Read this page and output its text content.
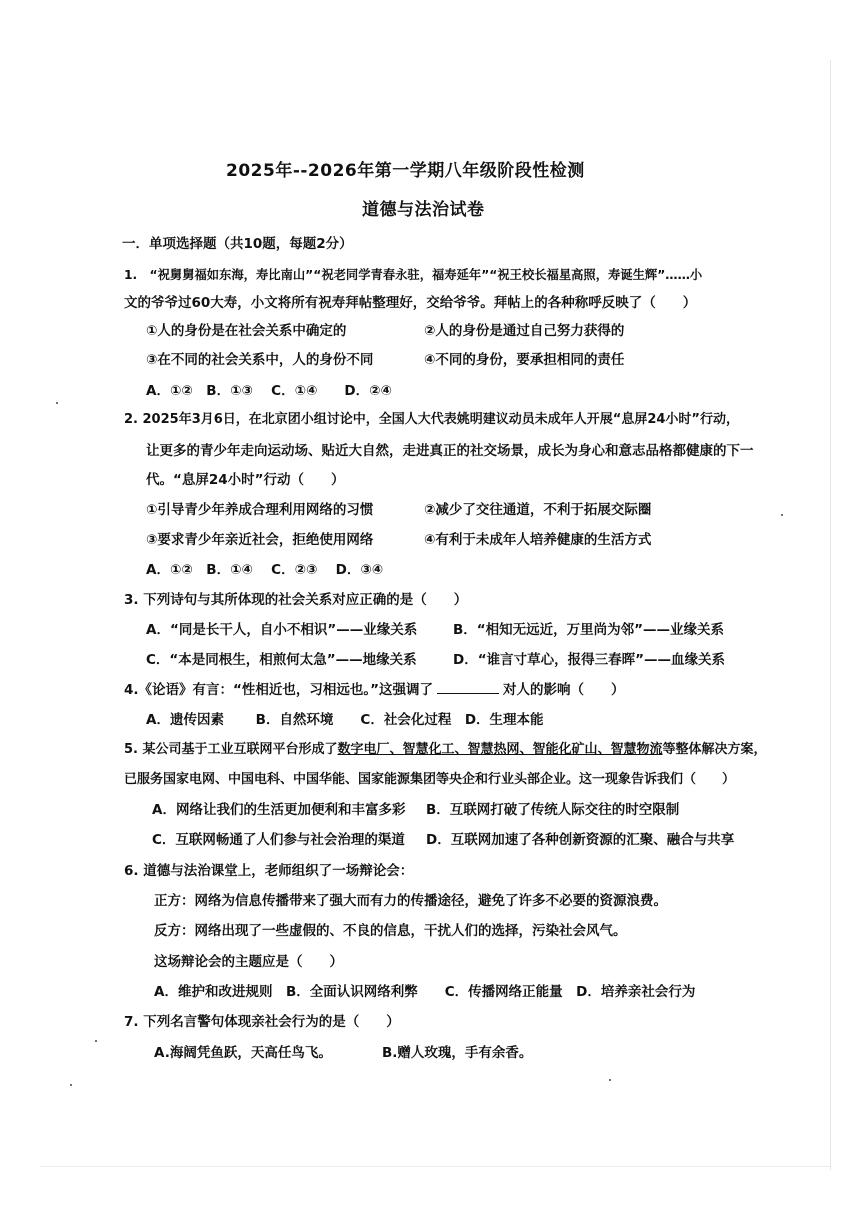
2025年--2026年第一学期八年级阶段性检测
道德与法治试卷
一．单项选择题（共10题，每题2分）
1.　“祝舅舅福如东海，寿比南山”“祝老同学青春永驻，福寿延年”“祝王校长福星高照，寿诞生辉”……小
文的爷爷过60大寿，小文将所有祝寿拜帖整理好，交给爷爷。拜帖上的各种称呼反映了（　　）
①人的身份是在社会关系中确定的	②人的身份是通过自己努力获得的
③在不同的社会关系中，人的身份不同	④不同的身份，要承担相同的责任
A．①②　B．①③　 C．①④　　D．②④
2. 2025年3月6日，在北京团小组讨论中，全国人大代表姚明建议动员未成年人开展“息屏24小时”行动，
让更多的青少年走向运动场、贴近大自然，走进真正的社交场景，成长为身心和意志品格都健康的下一
代。“息屏24小时”行动（　　）
①引导青少年养成合理利用网络的习惯	②减少了交往通道，不利于拓展交际圈
③要求青少年亲近社会，拒绝使用网络	④有利于未成年人培养健康的生活方式
A．①②　B．①④　 C．②③　 D．③④
3. 下列诗句与其所体现的社会关系对应正确的是（　　）
A．“同是长干人，自小不相识”——业缘关系	B．“相知无远近，万里尚为邻”——业缘关系
C．“本是同根生，相煎何太急”——地缘关系	D．“谁言寸草心，报得三春晖”——血缘关系
4.《论语》有言：“性相近也，习相远也。”这强调了	对人的影响（　　）
A．遗传因素　　 B．自然环境　　C．社会化过程　D．生理本能
5. 某公司基于工业互联网平台形成了数字电厂、智慧化工、智慧热网、智能化矿山、智慧物流等整体解决方案，
已服务国家电网、中国电科、中国华能、国家能源集团等央企和行业头部企业。这一现象告诉我们（　　）
A．网络让我们的生活更加便利和丰富多彩 B．互联网打破了传统人际交往的时空限制
C．互联网畅通了人们参与社会治理的渠道 D．互联网加速了各种创新资源的汇聚、融合与共享
6. 道德与法治课堂上，老师组织了一场辩论会：
正方：网络为信息传播带来了强大而有力的传播途径，避免了许多不必要的资源浪费。
反方：网络出现了一些虚假的、不良的信息，干扰人们的选择，污染社会风气。
这场辩论会的主题应是（　　）
A．维护和改进规则　B．全面认识网络利弊　　C．传播网络正能量　D．培养亲社会行为
7. 下列名言警句体现亲社会行为的是（　　）
A.海阔凭鱼跃，天高任鸟飞。	B.赠人玫瑰，手有余香。
